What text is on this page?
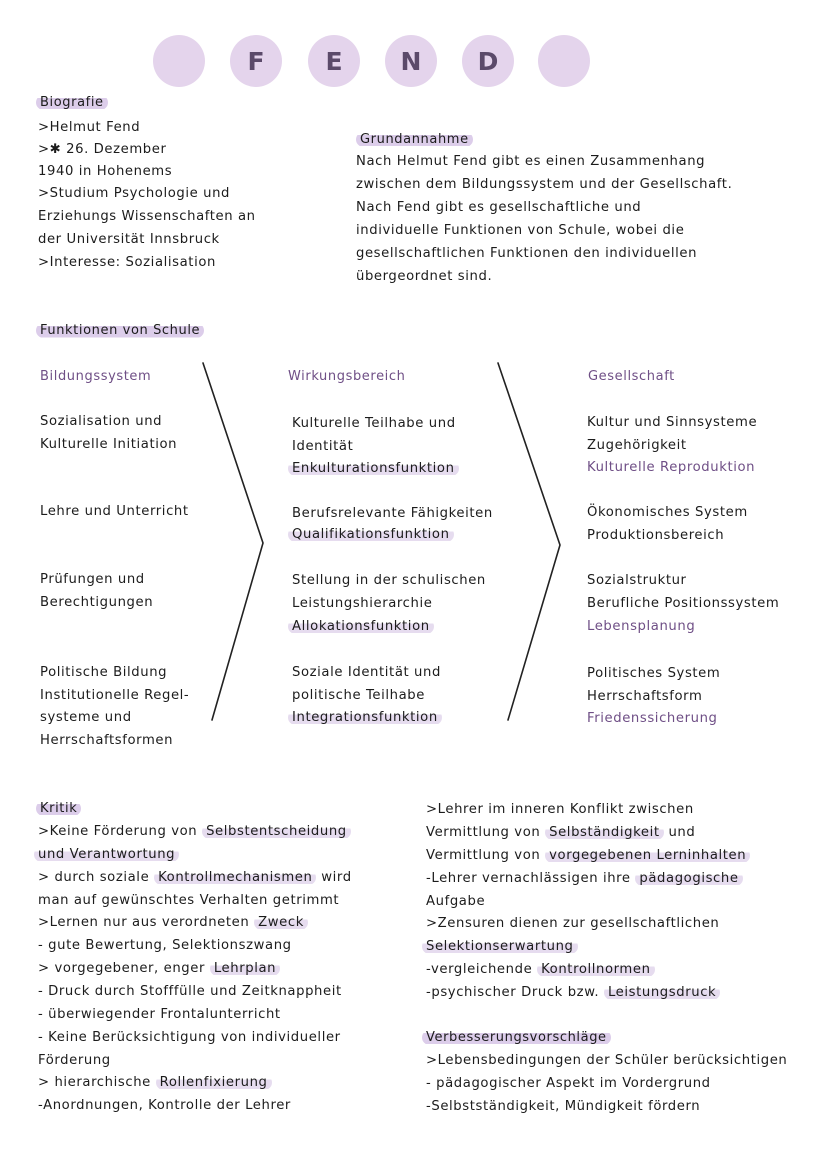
F E N D
Biografie
>Helmut Fend
>✱ 26. Dezember
1940 in Hohenems
>Studium Psychologie und
Erziehungs Wissenschaften an
der Universität Innsbruck
>Interesse: Sozialisation
Grundannahme
Nach Helmut Fend gibt es einen Zusammenhang
zwischen dem Bildungssystem und der Gesellschaft.
Nach Fend gibt es gesellschaftliche und
individuelle Funktionen von Schule, wobei die
gesellschaftlichen Funktionen den individuellen
übergeordnet sind.
Funktionen von Schule
Bildungssystem	Wirkungsbereich	Gesellschaft
Sozialisation und
Kulturelle Initiation
Lehre und Unterricht
Prüfungen und
Berechtigungen
Politische Bildung
Institutionelle Regel-
systeme und
Herrschaftsformen
Kulturelle Teilhabe und
Identität
Enkulturationsfunktion
Berufsrelevante Fähigkeiten
Qualifikationsfunktion
Stellung in der schulischen
Leistungshierarchie
Allokationsfunktion
Soziale Identität und
politische Teilhabe
Integrationsfunktion
Kultur und Sinnsysteme
Zugehörigkeit
Kulturelle Reproduktion
Ökonomisches System
Produktionsbereich
Sozialstruktur
Berufliche Positionssystem
Lebensplanung
Politisches System
Herrschaftsform
Friedenssicherung
Kritik
>Keine Förderung von Selbstentscheidung
und Verantwortung
> durch soziale Kontrollmechanismen wird
man auf gewünschtes Verhalten getrimmt
>Lernen nur aus verordneten Zweck
- gute Bewertung, Selektionszwang
> vorgegebener, enger Lehrplan
- Druck durch Stofffülle und Zeitknappheit
- überwiegender Frontalunterricht
- Keine Berücksichtigung von individueller
Förderung
> hierarchische Rollenfixierung
-Anordnungen, Kontrolle der Lehrer
>Lehrer im inneren Konflikt zwischen
Vermittlung von Selbständigkeit und
Vermittlung von vorgegebenen Lerninhalten
-Lehrer vernachlässigen ihre pädagogische
Aufgabe
>Zensuren dienen zur gesellschaftlichen
Selektionserwartung
-vergleichende Kontrollnormen
-psychischer Druck bzw. Leistungsdruck
Verbesserungsvorschläge
>Lebensbedingungen der Schüler berücksichtigen
- pädagogischer Aspekt im Vordergrund
-Selbstständigkeit, Mündigkeit fördern
